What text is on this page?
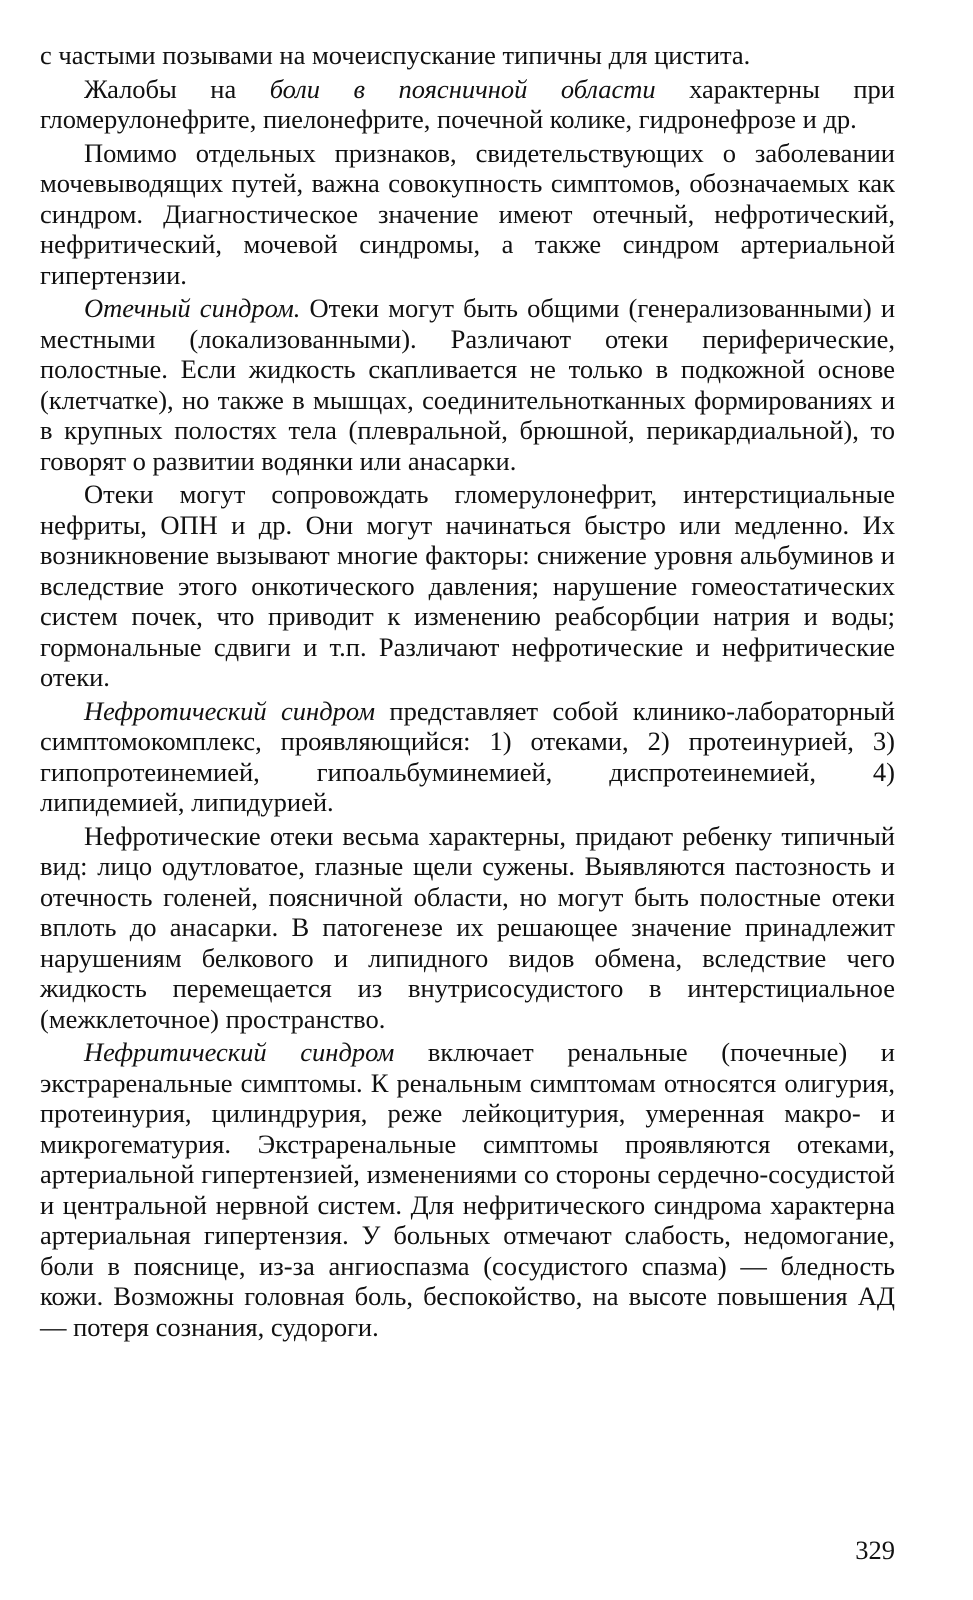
с частыми позывами на мочеиспускание типичны для цистита.

Жалобы на боли в поясничной области характерны при гломерулонефрите, пиелонефрите, почечной колике, гидронефрозе и др.

Помимо отдельных признаков, свидетельствующих о заболевании мочевыводящих путей, важна совокупность симптомов, обозначаемых как синдром. Диагностическое значение имеют отечный, нефротический, нефритический, мочевой синдромы, а также синдром артериальной гипертензии.

Отечный синдром. Отеки могут быть общими (генерализованными) и местными (локализованными). Различают отеки периферические, полостные. Если жидкость скапливается не только в подкожной основе (клетчатке), но также в мышцах, соединительнотканных формированиях и в крупных полостях тела (плевральной, брюшной, перикардиальной), то говорят о развитии водянки или анасарки.

Отеки могут сопровождать гломерулонефрит, интерстициальные нефриты, ОПН и др. Они могут начинаться быстро или медленно. Их возникновение вызывают многие факторы: снижение уровня альбуминов и вследствие этого онкотического давления; нарушение гомеостатических систем почек, что приводит к изменению реабсорбции натрия и воды; гормональные сдвиги и т.п. Различают нефротические и нефритические отеки.

Нефротический синдром представляет собой клинико-лабораторный симптомокомплекс, проявляющийся: 1) отеками, 2) протеинурией, 3) гипопротеинемией, гипоальбуминемией, диспротеинемией, 4) липидемией, липидурией.

Нефротические отеки весьма характерны, придают ребенку типичный вид: лицо одутловатое, глазные щели сужены. Выявляются пастозность и отечность голеней, поясничной области, но могут быть полостные отеки вплоть до анасарки. В патогенезе их решающее значение принадлежит нарушениям белкового и липидного видов обмена, вследствие чего жидкость перемещается из внутрисосудистого в интерстициальное (межклеточное) пространство.

Нефритический синдром включает ренальные (почечные) и экстраренальные симптомы. К ренальным симптомам относятся олигурия, протеинурия, цилиндрурия, реже лейкоцитурия, умеренная макро- и микрогематурия. Экстраренальные симптомы проявляются отеками, артериальной гипертензией, изменениями со стороны сердечно-сосудистой и центральной нервной систем. Для нефритического синдрома характерна артериальная гипертензия. У больных отмечают слабость, недомогание, боли в пояснице, из-за ангиоспазма (сосудистого спазма) — бледность кожи. Возможны головная боль, беспокойство, на высоте повышения АД — потеря сознания, судороги.

329
